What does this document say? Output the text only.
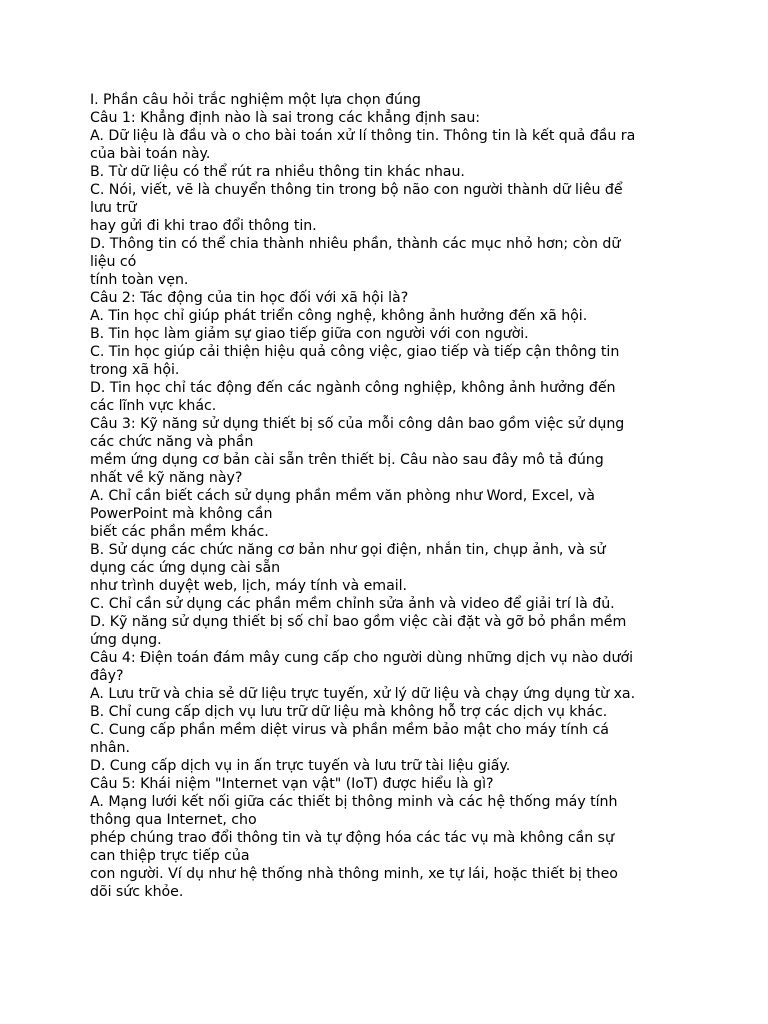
I. Phần câu hỏi trắc nghiệm một lựa chọn đúng
Câu 1: Khẳng định nào là sai trong các khẳng định sau:
A. Dữ liệu là đầu và o cho bài toán xử lí thông tin. Thông tin là kết quả đầu ra
của bài toán này.
B. Từ dữ liệu có thể rút ra nhiều thông tin khác nhau.
C. Nói, viết, vẽ là chuyển thông tin trong bộ não con người thành dữ liêu để
lưu trữ
hay gửi đi khi trao đổi thông tin.
D. Thông tin có thể chia thành nhiêu phần, thành các mục nhỏ hơn; còn dữ
liệu có
tính toàn vẹn.
Câu 2: Tác động của tin học đối với xã hội là?
A. Tin học chỉ giúp phát triển công nghệ, không ảnh hưởng đến xã hội.
B. Tin học làm giảm sự giao tiếp giữa con người với con người.
C. Tin học giúp cải thiện hiệu quả công việc, giao tiếp và tiếp cận thông tin
trong xã hội.
D. Tin học chỉ tác động đến các ngành công nghiệp, không ảnh hưởng đến
các lĩnh vực khác.
Câu 3: Kỹ năng sử dụng thiết bị số của mỗi công dân bao gồm việc sử dụng
các chức năng và phần
mềm ứng dụng cơ bản cài sẵn trên thiết bị. Câu nào sau đây mô tả đúng
nhất về kỹ năng này?
A. Chỉ cần biết cách sử dụng phần mềm văn phòng như Word, Excel, và
PowerPoint mà không cần
biết các phần mềm khác.
B. Sử dụng các chức năng cơ bản như gọi điện, nhắn tin, chụp ảnh, và sử
dụng các ứng dụng cài sẵn
như trình duyệt web, lịch, máy tính và email.
C. Chỉ cần sử dụng các phần mềm chỉnh sửa ảnh và video để giải trí là đủ.
D. Kỹ năng sử dụng thiết bị số chỉ bao gồm việc cài đặt và gỡ bỏ phần mềm
ứng dụng.
Câu 4: Điện toán đám mây cung cấp cho người dùng những dịch vụ nào dưới
đây?
A. Lưu trữ và chia sẻ dữ liệu trực tuyến, xử lý dữ liệu và chạy ứng dụng từ xa.
B. Chỉ cung cấp dịch vụ lưu trữ dữ liệu mà không hỗ trợ các dịch vụ khác.
C. Cung cấp phần mềm diệt virus và phần mềm bảo mật cho máy tính cá
nhân.
D. Cung cấp dịch vụ in ấn trực tuyến và lưu trữ tài liệu giấy.
Câu 5: Khái niệm "Internet vạn vật" (IoT) được hiểu là gì?
A. Mạng lưới kết nối giữa các thiết bị thông minh và các hệ thống máy tính
thông qua Internet, cho
phép chúng trao đổi thông tin và tự động hóa các tác vụ mà không cần sự
can thiệp trực tiếp của
con người. Ví dụ như hệ thống nhà thông minh, xe tự lái, hoặc thiết bị theo
dõi sức khỏe.
